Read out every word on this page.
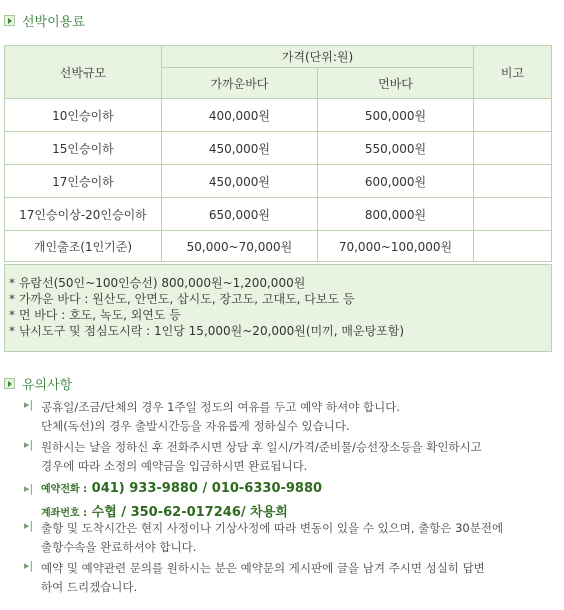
선박이용료
선박규모	가격(단위:원)		비고
	가까운바다	먼바다	
10인승이하	400,000원	500,000원	
15인승이하	450,000원	550,000원	
17인승이하	450,000원	600,000원	
17인승이상-20인승이하	650,000원	800,000원	
개인출조(1인기준)	50,000~70,000원	70,000~100,000원	
* 유람선(50인~100인승선) 800,000원~1,200,000원
* 가까운 바다 : 원산도, 안면도, 삽시도, 장고도, 고대도, 다보도 등
* 먼 바다 : 호도, 녹도, 외연도 등
* 낚시도구 및 점심도시락 : 1인당 15,000원~20,000원(미끼, 매운탕포함)
유의사항
▸| 공휴일/조금/단체의 경우 1주일 정도의 여유를 두고 예약 하셔야 합니다.
단체(독선)의 경우 출발시간등을 자유롭게 정하실수 있습니다.
▸| 원하시는 날을 정하신 후 전화주시면 상담 후 일시/가격/준비물/승선장소등을 확인하시고
경우에 따라 소정의 예약금을 입금하시면 완료됩니다.
▸| 예약전화 : 041) 933-9880 / 010-6330-9880
계좌번호 : 수협 / 350-62-017246/ 차용희
▸| 출항 및 도착시간은 현지 사정이나 기상사정에 따라 변동이 있을 수 있으며, 출항은 30분전에
출항수속을 완료하셔야 합니다.
▸| 예약 및 예약관련 문의를 원하시는 분은 예약문의 게시판에 글을 남겨 주시면 성실히 답변
하여 드리겠습니다.
